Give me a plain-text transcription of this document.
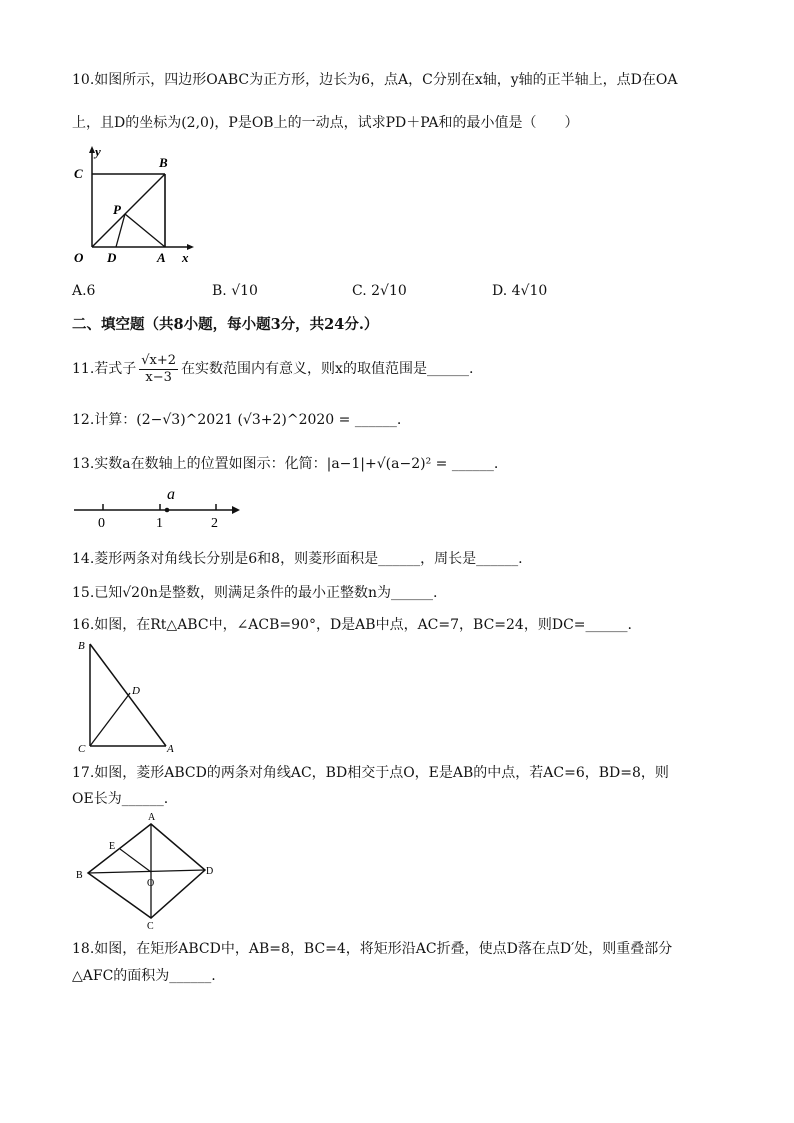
10.如图所示，四边形OABC为正方形，边长为6，点A，C分别在x轴，y轴的正半轴上，点D在OA
上，且D的坐标为(2,0)，P是OB上的一动点，试求PD＋PA和的最小值是（　　）
y
B
C
P
O D	A x
A.6	B. √10	C. 2√10	D. 4√10
二、填空题（共8小题，每小题3分，共24分.）
11.若式子 $\frac{√x+2}{x-3}$ 在实数范围内有意义，则x的取值范围是______.
12.计算：(2−√3)^2021 (√3+2)^2020 = ______.
13.实数a在数轴上的位置如图示：化简：|a−1|+√(a−2)² = ______.
a
0	1	2
14.菱形两条对角线长分别是6和8，则菱形面积是______，周长是______.
15.已知√20n是整数，则满足条件的最小正整数n为______.
16.如图，在Rt△ABC中，∠ACB=90°，D是AB中点，AC=7，BC=24，则DC=______.
B
D
C	A
17.如图，菱形ABCD的两条对角线AC，BD相交于点O，E是AB的中点，若AC=6，BD=8，则
OE长为______.
A
E
B
O
D
C
18.如图，在矩形ABCD中，AB=8，BC=4，将矩形沿AC折叠，使点D落在点D′处，则重叠部分
△AFC的面积为______.
